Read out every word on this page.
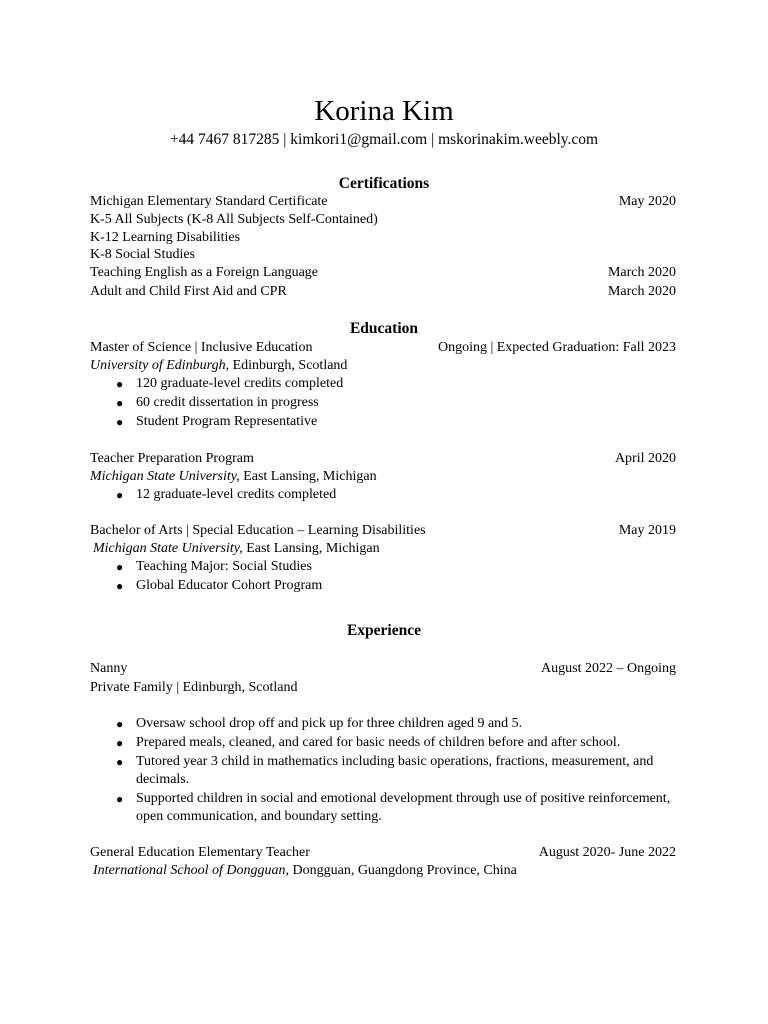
Korina Kim
+44 7467 817285 | kimkori1@gmail.com | mskorinakim.weebly.com
Certifications
Michigan Elementary Standard Certificate	May 2020
K-5 All Subjects (K-8 All Subjects Self-Contained)
K-12 Learning Disabilities
K-8 Social Studies
Teaching English as a Foreign Language	March 2020
Adult and Child First Aid and CPR	March 2020
Education
Master of Science | Inclusive Education	Ongoing | Expected Graduation: Fall 2023
University of Edinburgh, Edinburgh, Scotland
● 120 graduate-level credits completed
● 60 credit dissertation in progress
● Student Program Representative
Teacher Preparation Program	April 2020
Michigan State University, East Lansing, Michigan
● 12 graduate-level credits completed
Bachelor of Arts | Special Education – Learning Disabilities	May 2019
Michigan State University, East Lansing, Michigan
● Teaching Major: Social Studies
● Global Educator Cohort Program
Experience
Nanny	August 2022 – Ongoing
Private Family | Edinburgh, Scotland
● Oversaw school drop off and pick up for three children aged 9 and 5.
● Prepared meals, cleaned, and cared for basic needs of children before and after school.
● Tutored year 3 child in mathematics including basic operations, fractions, measurement, and decimals.
● Supported children in social and emotional development through use of positive reinforcement, open communication, and boundary setting.
General Education Elementary Teacher	August 2020- June 2022
International School of Dongguan, Dongguan, Guangdong Province, China
